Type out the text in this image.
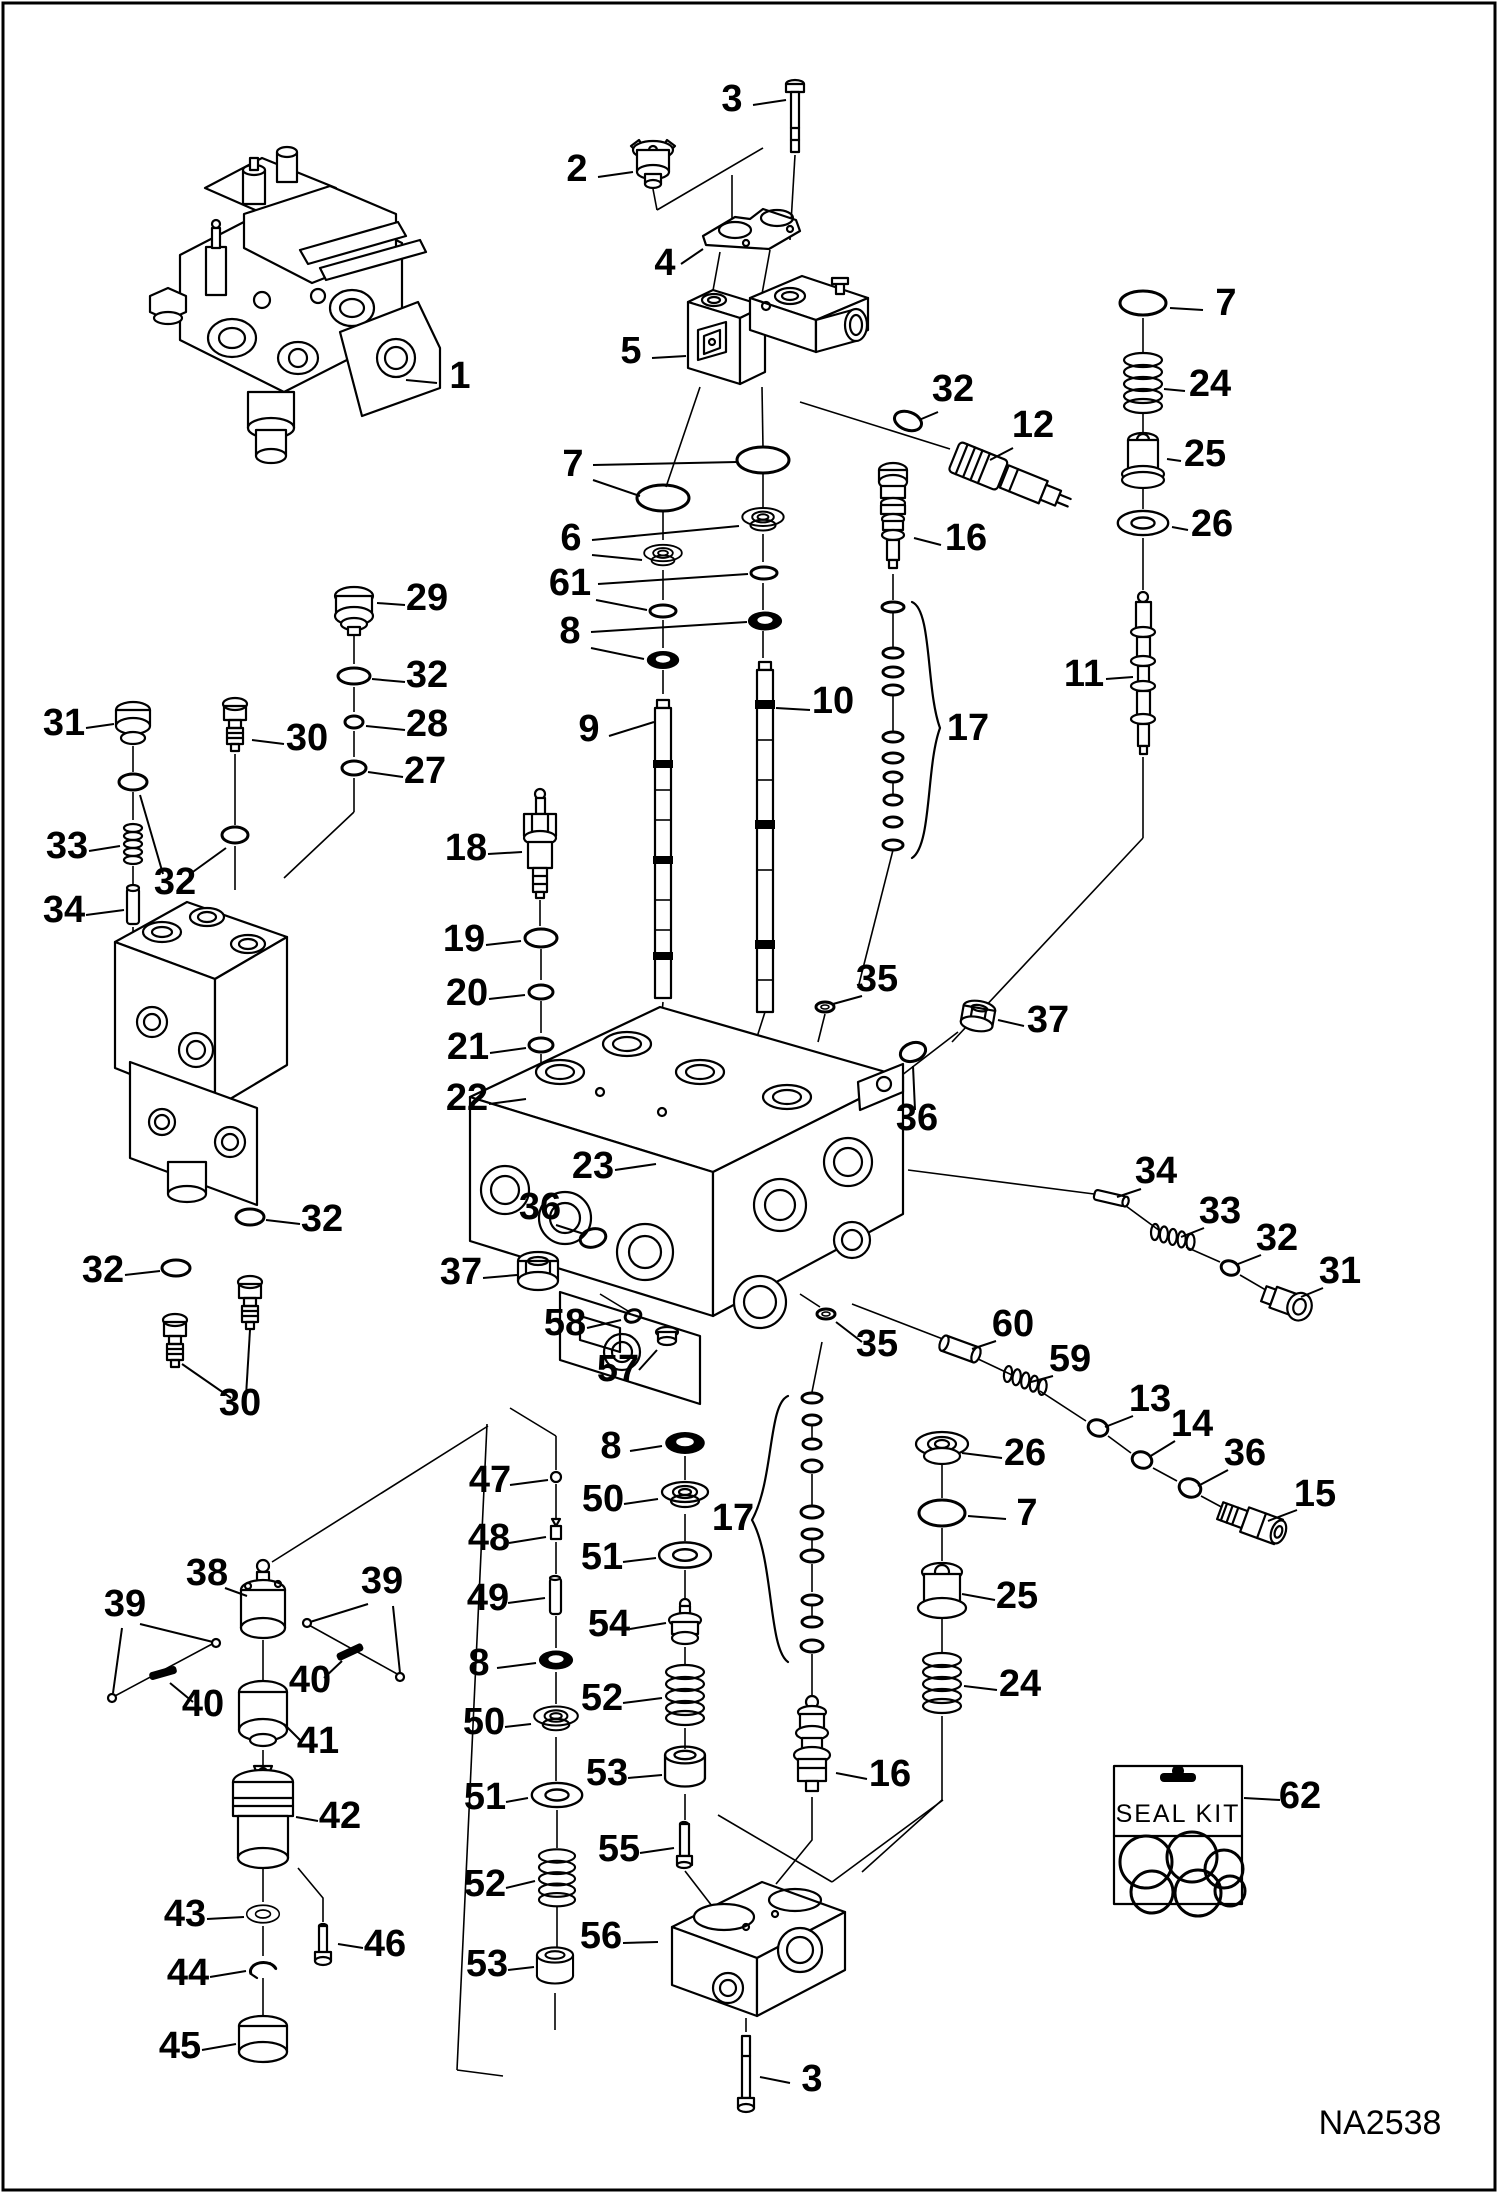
SEAL KIT
NA2538
1
2
3
4
5
7
6
61
8
9
10
16
17
32
12
7
24
25
26
11
29
32
28
27
31	30
33
34
32
18
19
20
21
22
23
36
37
35
37
36
58
57
35 60
59
13
14
36
15
34
33
32
31
32
32
30
38
39
39
40
40
41
42
43
44
45
46
47
48
49
8
50
51
52
53
8
50
51
54
52
53
55
56
3
17
26
7
25
24
16
62
